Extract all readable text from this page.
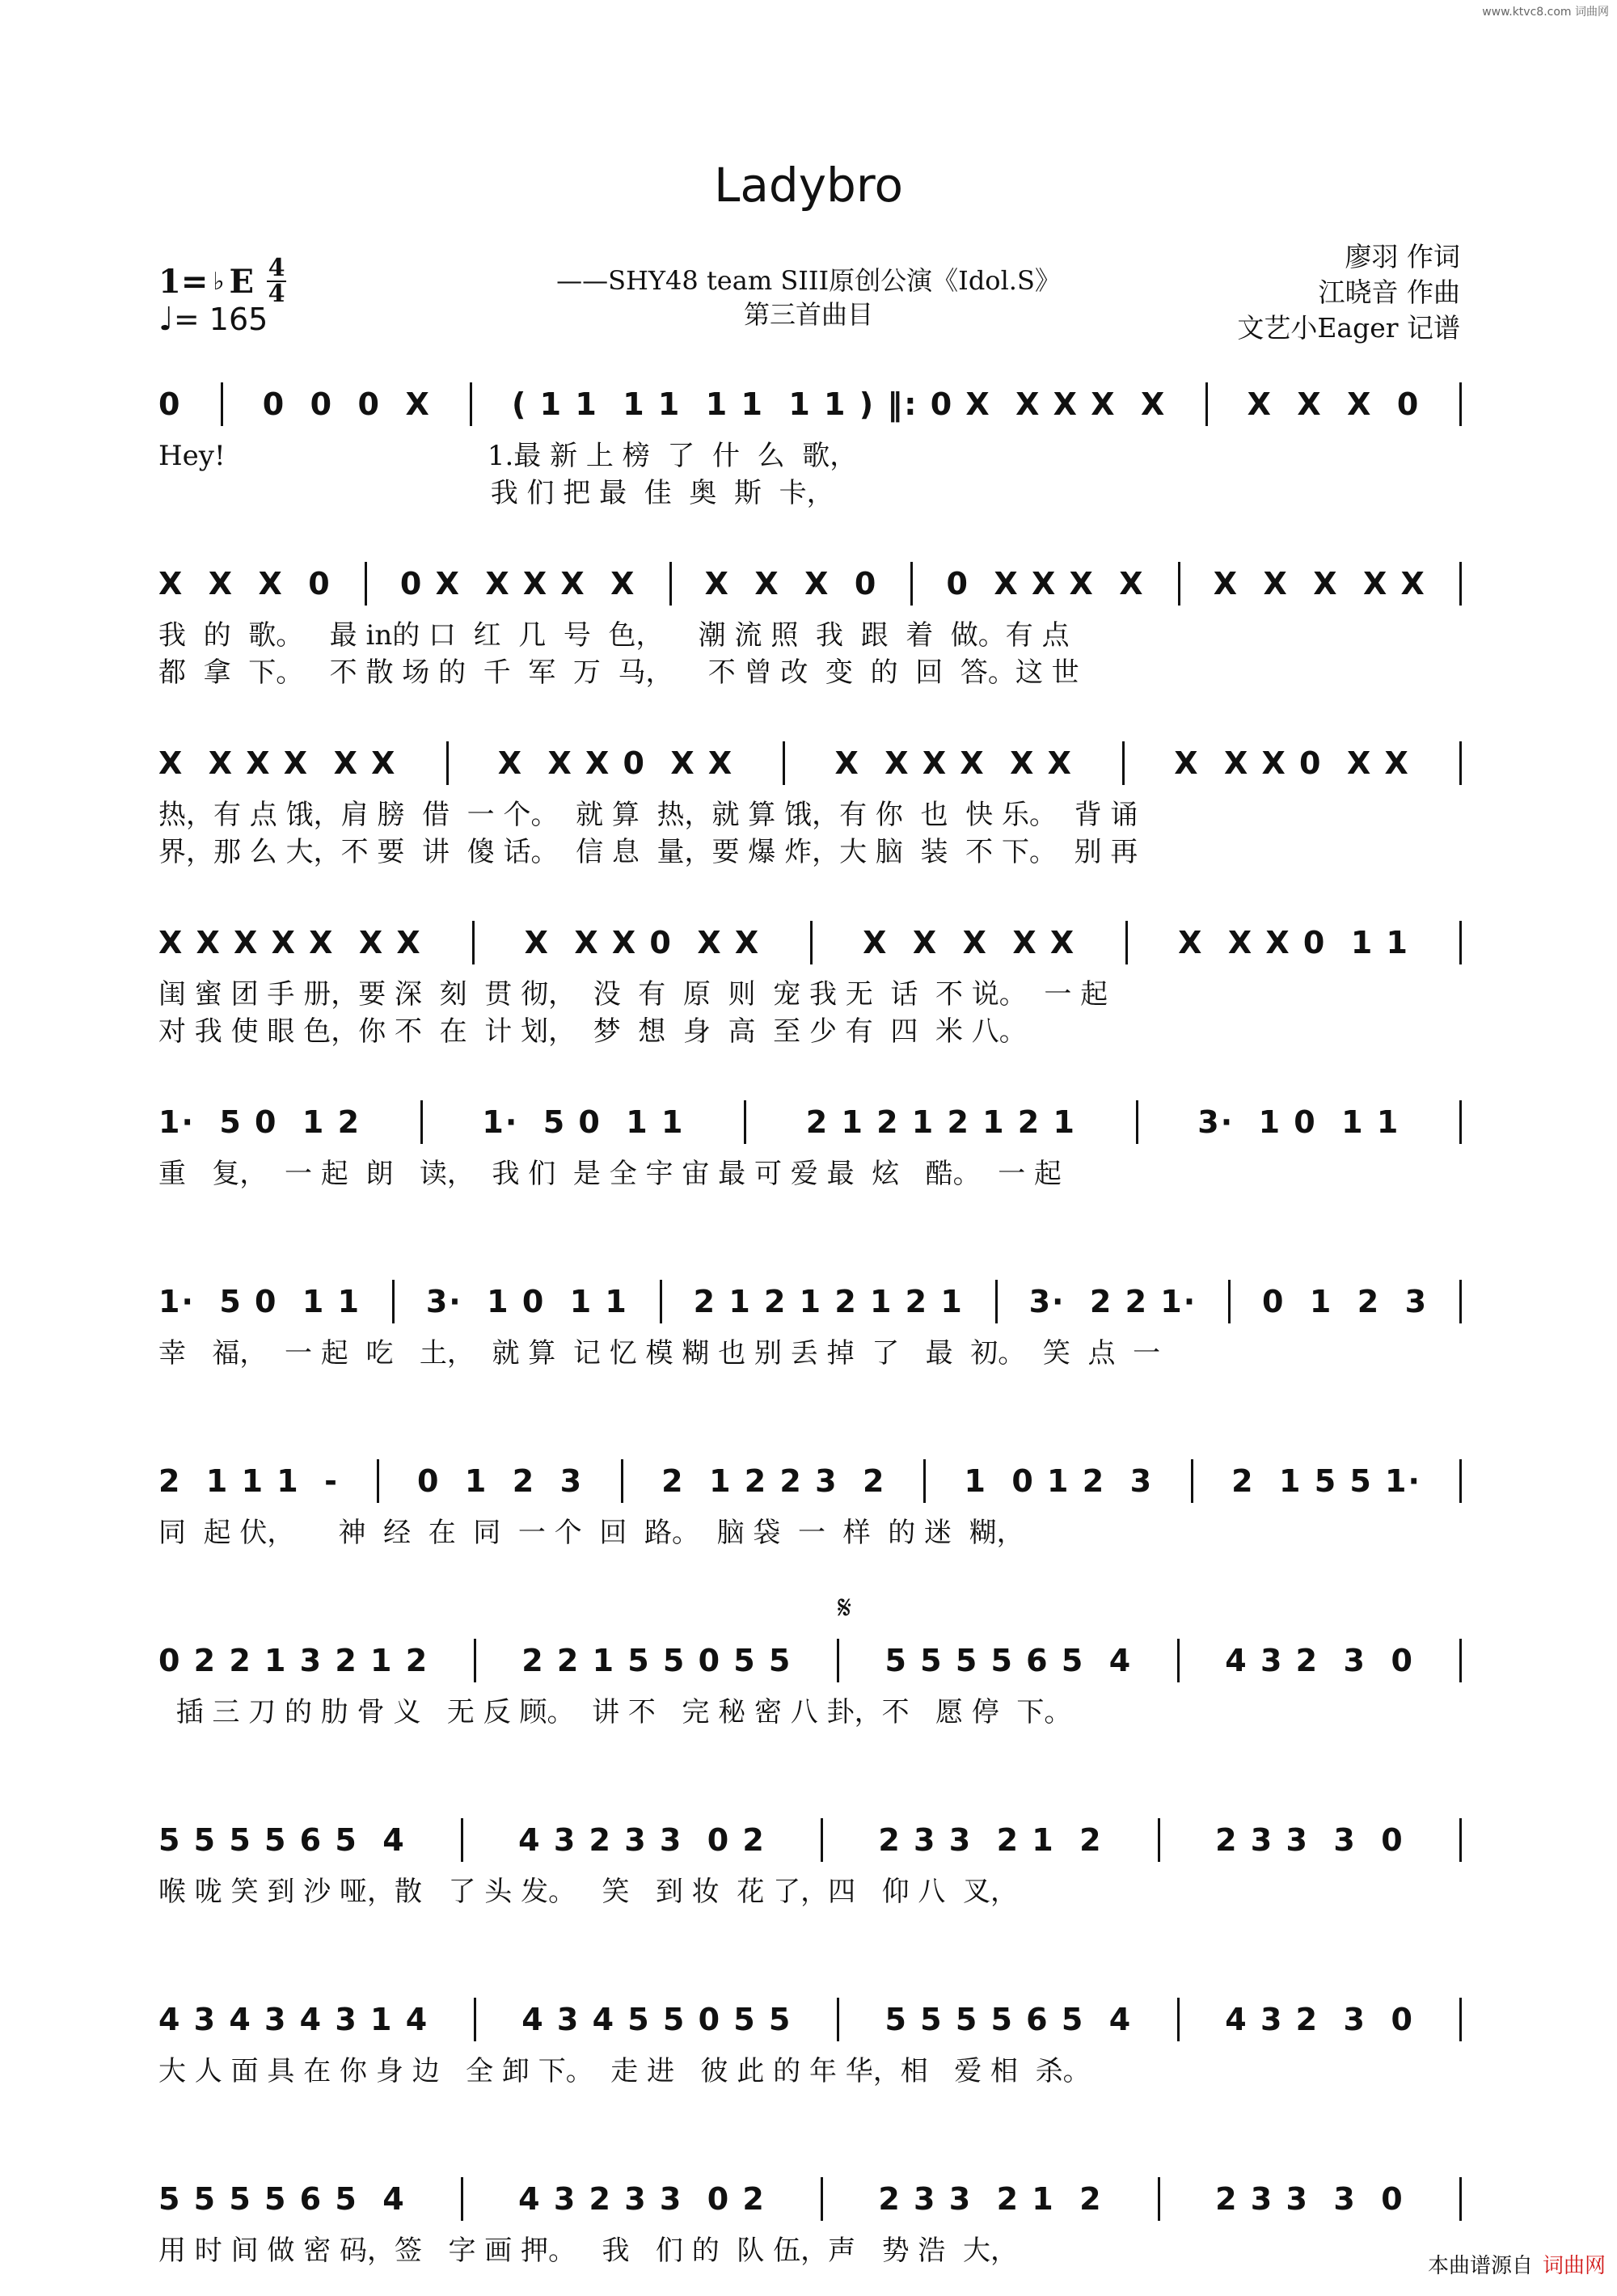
www.ktvc8.com 词曲网
Ladybro
1= ♭ E 4
4
♩= 165
——SHY48 team SIII原创公演《Idol.S》
第三首曲目
廖羽 作词
江晓音 作曲
文艺小Eager 记谱
0 0  0  0  X ( 1 1  1 1  1 1  1 1 ) ‖: 0 X  X X X  X X  X  X  0
Hey!                              1.最 新 上 榜  了  什  么  歌，
我 们 把 最  佳  奥  斯  卡，
X  X  X  0 0 X  X X X  X X  X  X  0 0  X X X  X X  X  X  X X
我  的  歌。   最 in的 口  红  几  号  色，    潮 流 照  我  跟  着  做。有 点
都  拿  下。   不 散 场 的  千  军  万  马，    不 曾 改  变  的  回  答。这 世
X  X X X  X X X  X X 0  X X X  X X X  X X X  X X 0  X X
热，有 点 饿，肩 膀  借  一 个。  就 算  热，就 算 饿，有 你  也  快 乐。  背 诵
界，那 么 大，不 要  讲  傻 话。  信 息  量，要 爆 炸，大 脑  装  不 下。  别 再
X X X X X  X X	X  X X 0  X X	X  X  X  X X	X  X X 0  1 1
闺 蜜 团 手 册，要 深  刻  贯 彻，  没  有  原  则  宠 我 无  话  不 说。  一 起
对 我 使 眼 色，你 不  在  计 划，  梦  想  身  高  至 少 有  四  米 八。
1·  5 0  1 2	1·  5 0  1 1	2 1 2 1 2 1 2 1	3·  1 0  1 1
重   复，  一 起  朗   读，  我 们  是 全 宇 宙 最 可 爱 最  炫   酷。  一 起
1·  5 0  1 1 3·  1 0  1 1 2 1 2 1 2 1 2 1 3·  2 2 1· 0  1  2  3
幸   福，  一 起  吃   土，  就 算  记 忆 模 糊 也 别 丢 掉  了   最  初。  笑  点  一
2  1 1 1  - 0  1  2  3 2  1 2 2 3  2 1  0 1 2  3 2  1 5 5 1·
同  起 伏，     神  经  在  同  一 个  回  路。  脑 袋  一  样  的 迷  糊，
𝄋
0 2 2 1 3 2 1 2 2 2 1 5 5 0 5 5 5 5 5 5 6 5  4 4 3 2  3  0
插 三 刀 的 肋 骨 义   无 反 顾。  讲 不   完 秘 密 八 卦，不   愿 停  下。
5 5 5 5 6 5  4	4 3 2 3 3  0 2	2 3 3  2 1  2	2 3 3  3  0
喉 咙 笑 到 沙 哑，散   了 头 发。   笑   到 妆  花 了，四   仰 八  叉，
4 3 4 3 4 3 1 4 4 3 4 5 5 0 5 5 5 5 5 5 6 5  4 4 3 2  3  0
大 人 面 具 在 你 身 边   全 卸 下。  走 进   彼 此 的 年 华，相   爱 相  杀。
5 5 5 5 6 5  4	4 3 2 3 3  0 2	2 3 3  2 1  2	2 3 3  3  0
用 时 间 做 密 码，签   字 画 押。   我   们 的  队 伍，声   势 浩  大，	本曲谱源自 词曲网
